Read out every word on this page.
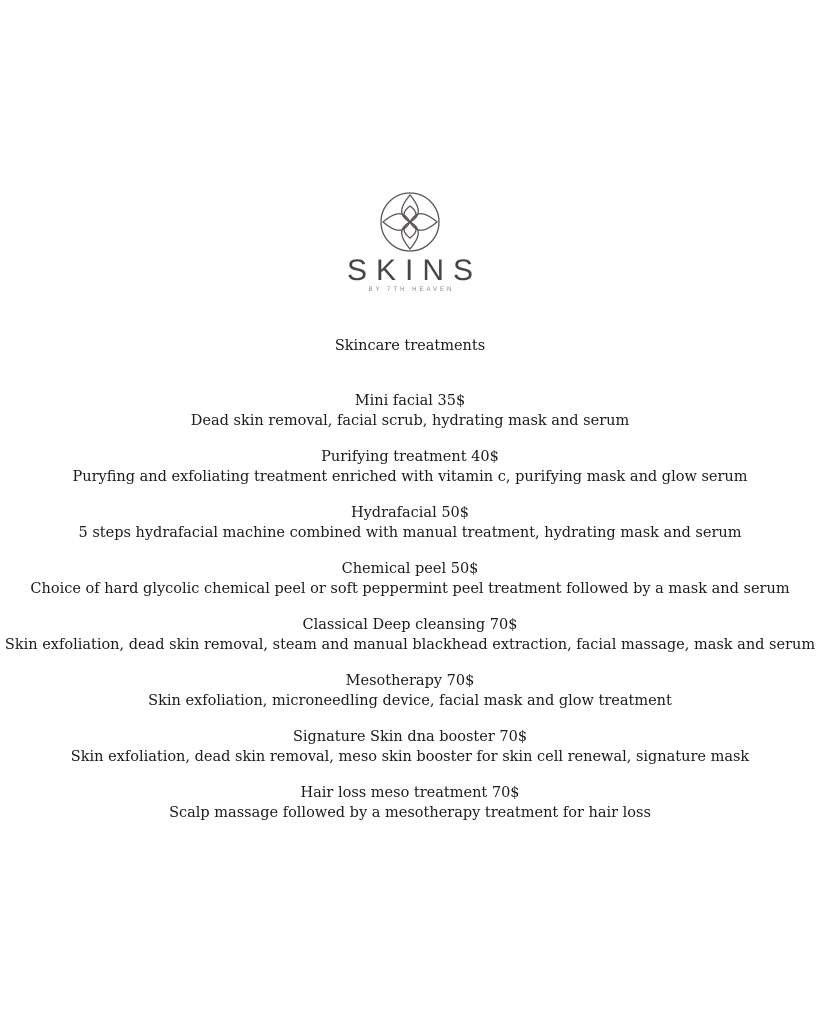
SKINS
BY 7TH HEAVEN
Skincare treatments
Mini facial 35$
Dead skin removal, facial scrub, hydrating mask and serum
Purifying treatment 40$
Puryfing and exfoliating treatment enriched with vitamin c, purifying mask and glow serum
Hydrafacial 50$
5 steps hydrafacial machine combined with manual treatment, hydrating mask and serum
Chemical peel 50$
Choice of hard glycolic chemical peel or soft peppermint peel treatment followed by a mask and serum
Classical Deep cleansing 70$
Skin exfoliation, dead skin removal, steam and manual blackhead extraction, facial massage, mask and serum
Mesotherapy 70$
Skin exfoliation, microneedling device, facial mask and glow treatment
Signature Skin dna booster 70$
Skin exfoliation, dead skin removal, meso skin booster for skin cell renewal, signature mask
Hair loss meso treatment 70$
Scalp massage followed by a mesotherapy treatment for hair loss
